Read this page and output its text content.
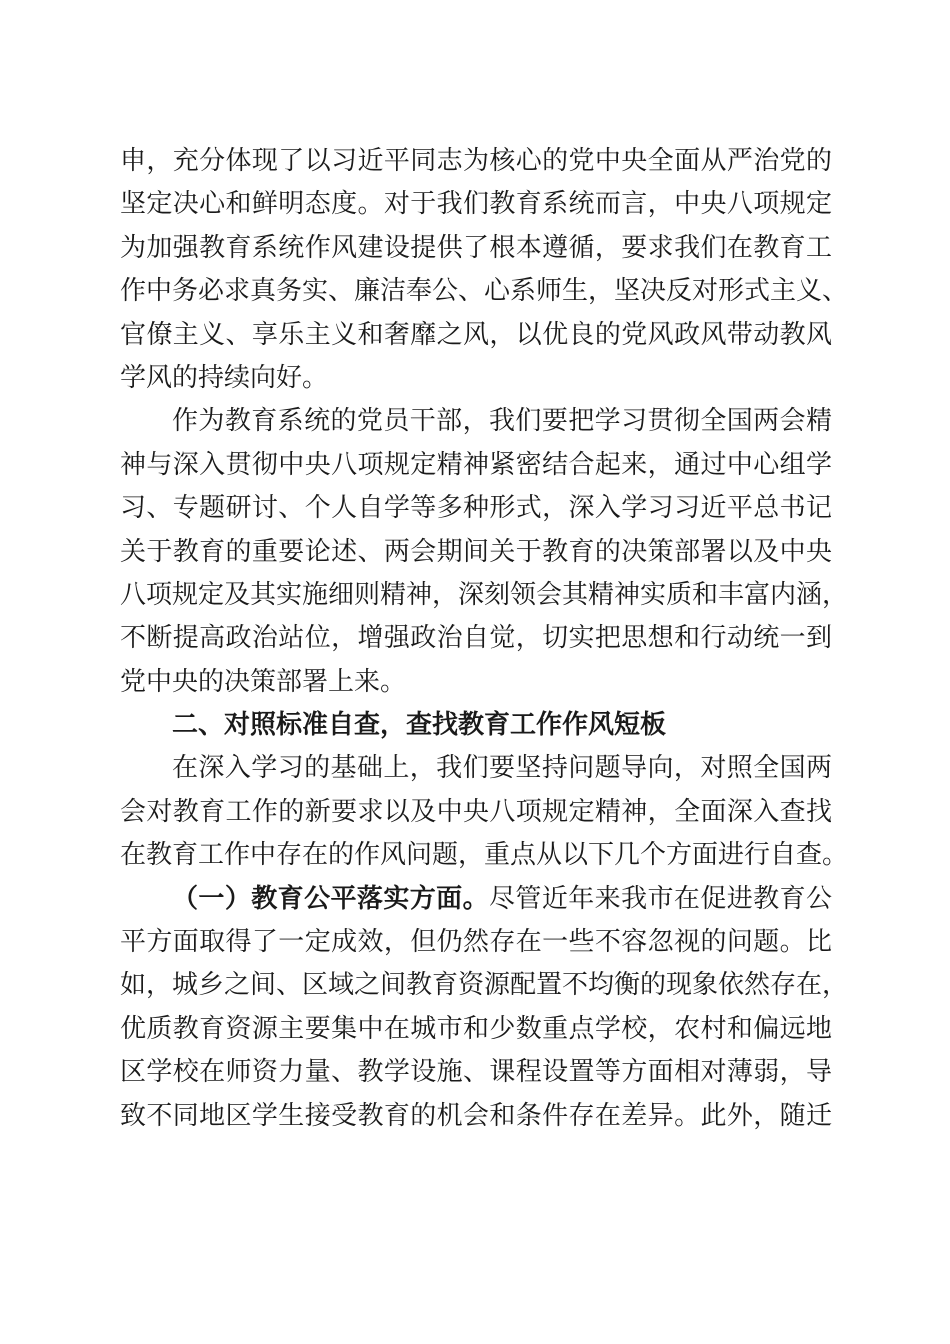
申，充分体现了以习近平同志为核心的党中央全面从严治党的
坚定决心和鲜明态度。对于我们教育系统而言，中央八项规定
为加强教育系统作风建设提供了根本遵循，要求我们在教育工
作中务必求真务实、廉洁奉公、心系师生，坚决反对形式主义、
官僚主义、享乐主义和奢靡之风，以优良的党风政风带动教风
学风的持续向好。
作为教育系统的党员干部，我们要把学习贯彻全国两会精
神与深入贯彻中央八项规定精神紧密结合起来，通过中心组学
习、专题研讨、个人自学等多种形式，深入学习习近平总书记
关于教育的重要论述、两会期间关于教育的决策部署以及中央
八项规定及其实施细则精神，深刻领会其精神实质和丰富内涵，
不断提高政治站位，增强政治自觉，切实把思想和行动统一到
党中央的决策部署上来。
二、对照标准自查，查找教育工作作风短板
在深入学习的基础上，我们要坚持问题导向，对照全国两
会对教育工作的新要求以及中央八项规定精神，全面深入查找
在教育工作中存在的作风问题，重点从以下几个方面进行自查。
（一）教育公平落实方面。尽管近年来我市在促进教育公
平方面取得了一定成效，但仍然存在一些不容忽视的问题。比
如，城乡之间、区域之间教育资源配置不均衡的现象依然存在，
优质教育资源主要集中在城市和少数重点学校，农村和偏远地
区学校在师资力量、教学设施、课程设置等方面相对薄弱，导
致不同地区学生接受教育的机会和条件存在差异。此外，随迁
